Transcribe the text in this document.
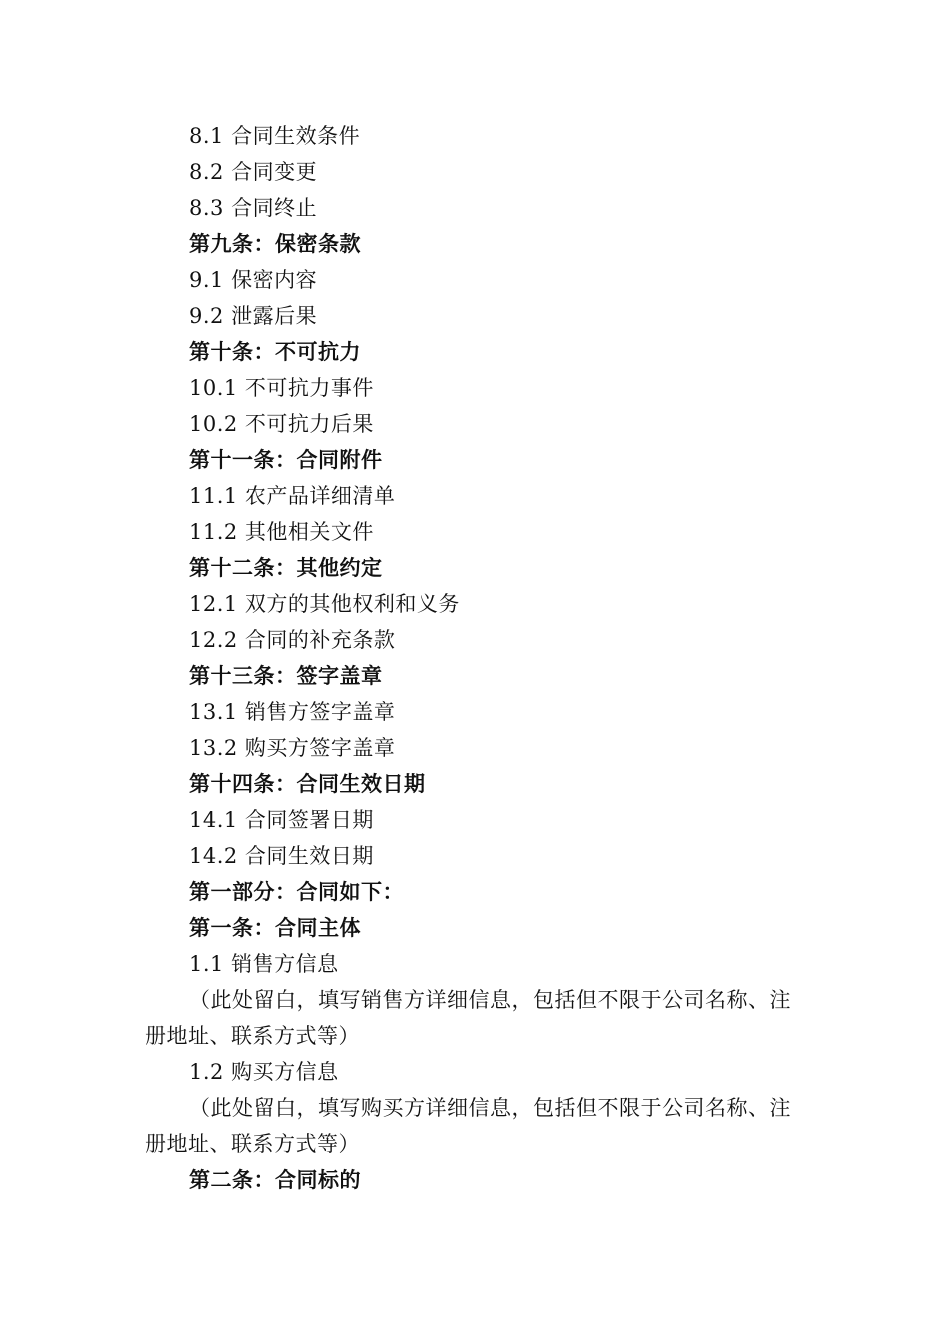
8.1 合同生效条件
8.2 合同变更
8.3 合同终止
第九条：保密条款
9.1 保密内容
9.2 泄露后果
第十条：不可抗力
10.1 不可抗力事件
10.2 不可抗力后果
第十一条：合同附件
11.1 农产品详细清单
11.2 其他相关文件
第十二条：其他约定
12.1 双方的其他权利和义务
12.2 合同的补充条款
第十三条：签字盖章
13.1 销售方签字盖章
13.2 购买方签字盖章
第十四条：合同生效日期
14.1 合同签署日期
14.2 合同生效日期
第一部分：合同如下：
第一条：合同主体
1.1 销售方信息

（此处留白，填写销售方详细信息，包括但不限于公司名称、注册地址、联系方式等）

1.2 购买方信息

（此处留白，填写购买方详细信息，包括但不限于公司名称、注册地址、联系方式等）

第二条：合同标的
